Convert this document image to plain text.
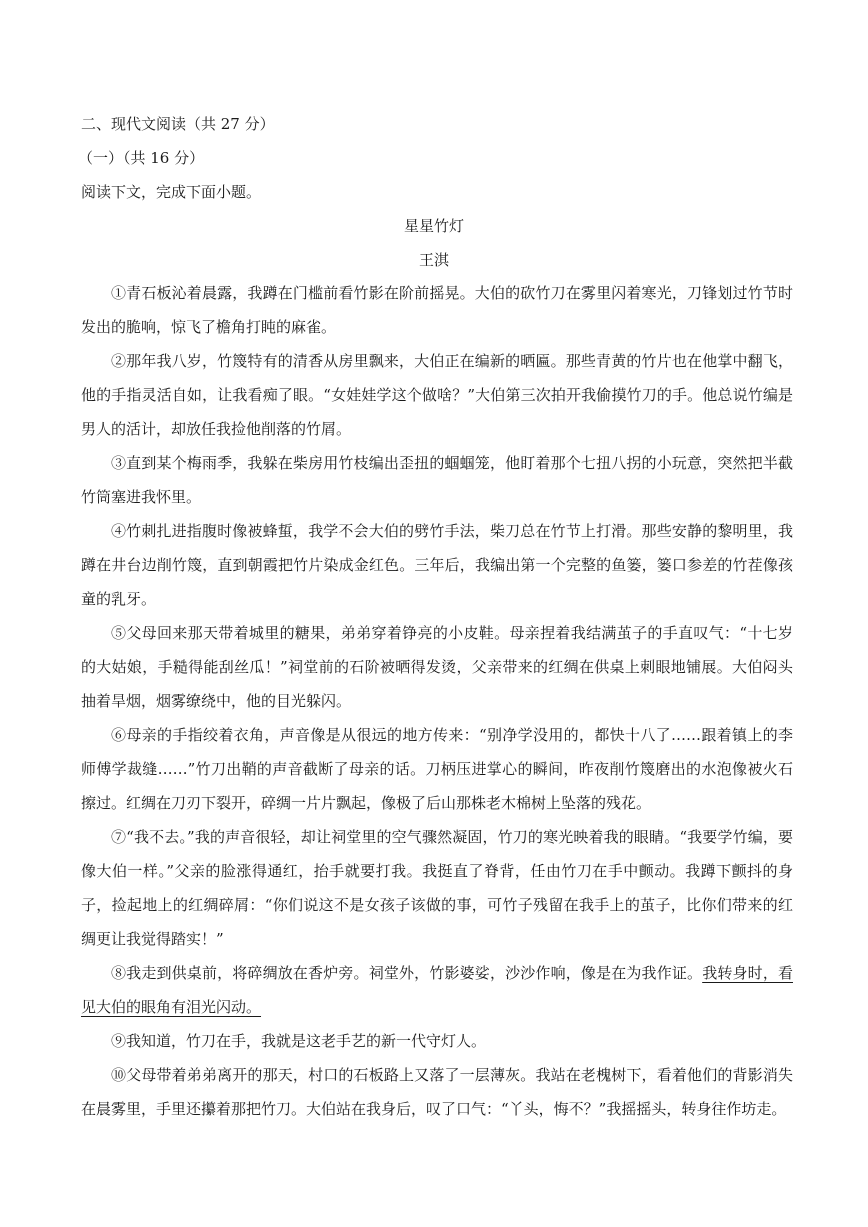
二、现代文阅读（共 27 分）
（一）（共 16 分）
阅读下文，完成下面小题。
星星竹灯
王淇

①青石板沁着晨露，我蹲在门槛前看竹影在阶前摇晃。大伯的砍竹刀在雾里闪着寒光，刀锋划过竹节时发出的脆响，惊飞了檐角打盹的麻雀。

②那年我八岁，竹篾特有的清香从房里飘来，大伯正在编新的晒匾。那些青黄的竹片也在他掌中翻飞，他的手指灵活自如，让我看痴了眼。“女娃娃学这个做啥？”大伯第三次拍开我偷摸竹刀的手。他总说竹编是男人的活计，却放任我捡他削落的竹屑。

③直到某个梅雨季，我躲在柴房用竹枝编出歪扭的蝈蝈笼，他盯着那个七扭八拐的小玩意，突然把半截竹筒塞进我怀里。

④竹刺扎进指腹时像被蜂蜇，我学不会大伯的劈竹手法，柴刀总在竹节上打滑。那些安静的黎明里，我蹲在井台边削竹篾，直到朝霞把竹片染成金红色。三年后，我编出第一个完整的鱼篓，篓口参差的竹茬像孩童的乳牙。

⑤父母回来那天带着城里的糖果，弟弟穿着铮亮的小皮鞋。母亲捏着我结满茧子的手直叹气：“十七岁的大姑娘，手糙得能刮丝瓜！”祠堂前的石阶被晒得发烫，父亲带来的红绸在供桌上刺眼地铺展。大伯闷头抽着旱烟，烟雾缭绕中，他的目光躲闪。

⑥母亲的手指绞着衣角，声音像是从很远的地方传来：“别净学没用的，都快十八了……跟着镇上的李师傅学裁缝……”竹刀出鞘的声音截断了母亲的话。刀柄压进掌心的瞬间，昨夜削竹篾磨出的水泡像被火石擦过。红绸在刀刃下裂开，碎绸一片片飘起，像极了后山那株老木棉树上坠落的残花。

⑦“我不去。”我的声音很轻，却让祠堂里的空气骤然凝固，竹刀的寒光映着我的眼睛。“我要学竹编，要像大伯一样。”父亲的脸涨得通红，抬手就要打我。我挺直了脊背，任由竹刀在手中颤动。我蹲下颤抖的身子，捡起地上的红绸碎屑：“你们说这不是女孩子该做的事，可竹子残留在我手上的茧子，比你们带来的红绸更让我觉得踏实！”

⑧我走到供桌前，将碎绸放在香炉旁。祠堂外，竹影婆娑，沙沙作响，像是在为我作证。我转身时，看见大伯的眼角有泪光闪动。

⑨我知道，竹刀在手，我就是这老手艺的新一代守灯人。

⑩父母带着弟弟离开的那天，村口的石板路上又落了一层薄灰。我站在老槐树下，看着他们的背影消失在晨雾里，手里还攥着那把竹刀。大伯站在我身后，叹了口气：“丫头，悔不？”我摇摇头，转身往作坊走。
